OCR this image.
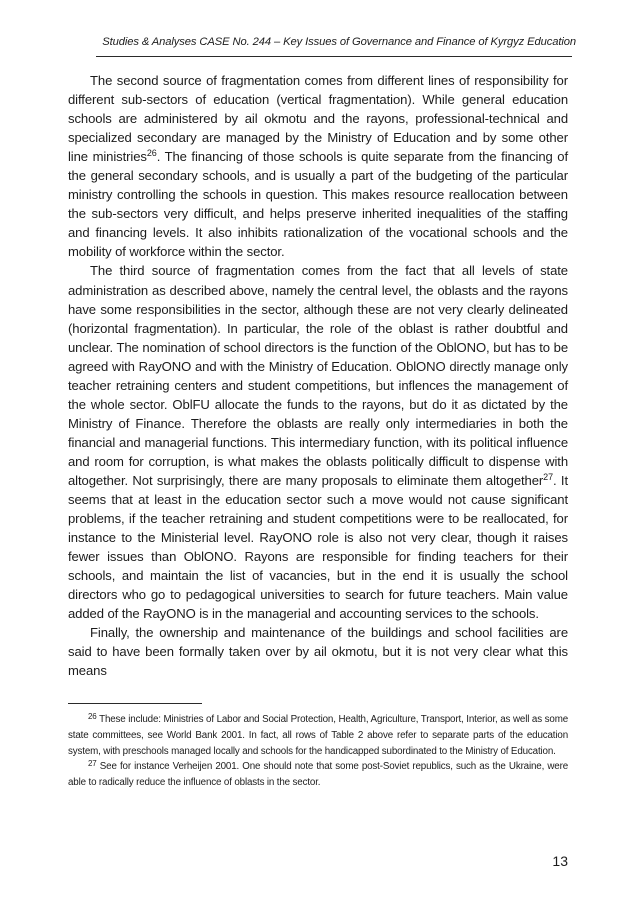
Studies & Analyses CASE No. 244 – Key Issues of Governance and Finance of Kyrgyz Education

The second source of fragmentation comes from different lines of responsibility for different sub-sectors of education (vertical fragmentation). While general education schools are administered by ail okmotu and the rayons, professional-technical and specialized secondary are managed by the Ministry of Education and by some other line ministries$^{26}$. The financing of those schools is quite separate from the financing of the general secondary schools, and is usually a part of the budgeting of the particular ministry controlling the schools in question. This makes resource reallocation between the sub-sectors very difficult, and helps preserve inherited inequalities of the staffing and financing levels. It also inhibits rationalization of the vocational schools and the mobility of workforce within the sector.

The third source of fragmentation comes from the fact that all levels of state administration as described above, namely the central level, the oblasts and the rayons have some responsibilities in the sector, although these are not very clearly delineated (horizontal fragmentation). In particular, the role of the oblast is rather doubtful and unclear. The nomination of school directors is the function of the OblONO, but has to be agreed with RayONO and with the Ministry of Education. OblONO directly manage only teacher retraining centers and student competitions, but inflences the management of the whole sector. OblFU allocate the funds to the rayons, but do it as dictated by the Ministry of Finance. Therefore the oblasts are really only intermediaries in both the financial and managerial functions. This intermediary function, with its political influence and room for corruption, is what makes the oblasts politically difficult to dispense with altogether. Not surprisingly, there are many proposals to eliminate them altogether$^{27}$. It seems that at least in the education sector such a move would not cause significant problems, if the teacher retraining and student competitions were to be reallocated, for instance to the Ministerial level. RayONO role is also not very clear, though it raises fewer issues than OblONO. Rayons are responsible for finding teachers for their schools, and maintain the list of vacancies, but in the end it is usually the school directors who go to pedagogical universities to search for future teachers. Main value added of the RayONO is in the managerial and accounting services to the schools.

Finally, the ownership and maintenance of the buildings and school facilities are said to have been formally taken over by ail okmotu, but it is not very clear what this means

$^{26}$ These include: Ministries of Labor and Social Protection, Health, Agriculture, Transport, Interior, as well as some state committees, see World Bank 2001. In fact, all rows of Table 2 above refer to separate parts of the education system, with preschools managed locally and schools for the handicapped subordinated to the Ministry of Education.

$^{27}$ See for instance Verheijen 2001. One should note that some post-Soviet republics, such as the Ukraine, were able to radically reduce the influence of oblasts in the sector.

13
